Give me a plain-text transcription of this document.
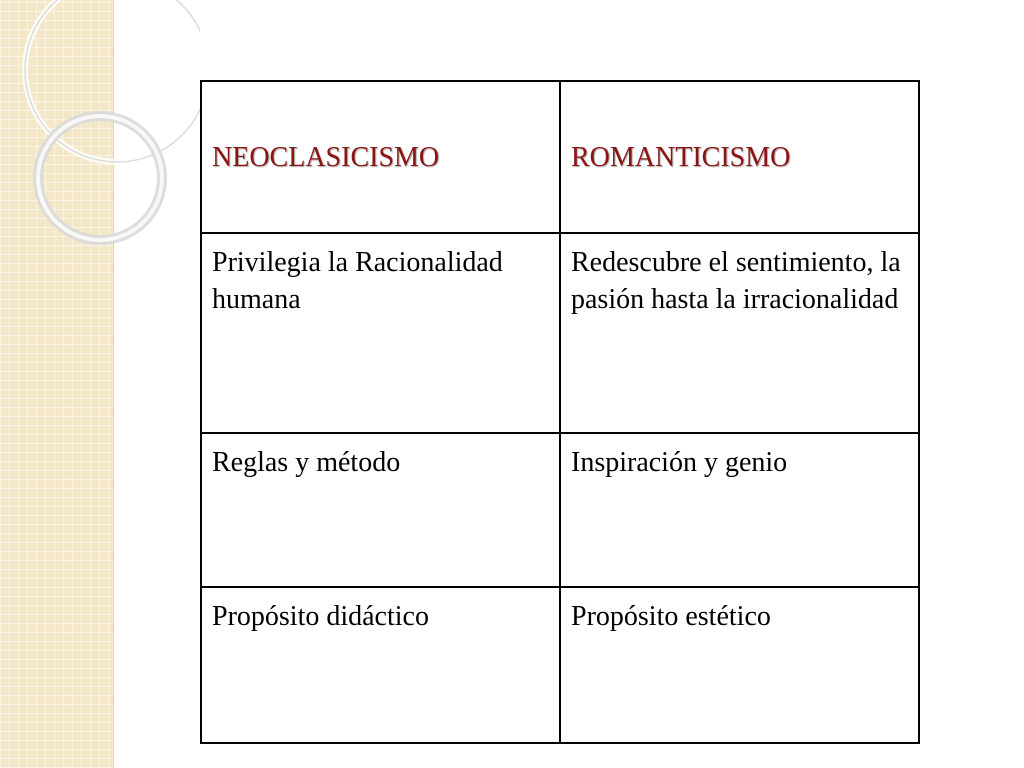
NEOCLASICISMO	ROMANTICISMO
Privilegia la Racionalidad humana	Redescubre el sentimiento, la pasión hasta la irracionalidad
Reglas y método	Inspiración y genio
Propósito didáctico	Propósito estético
